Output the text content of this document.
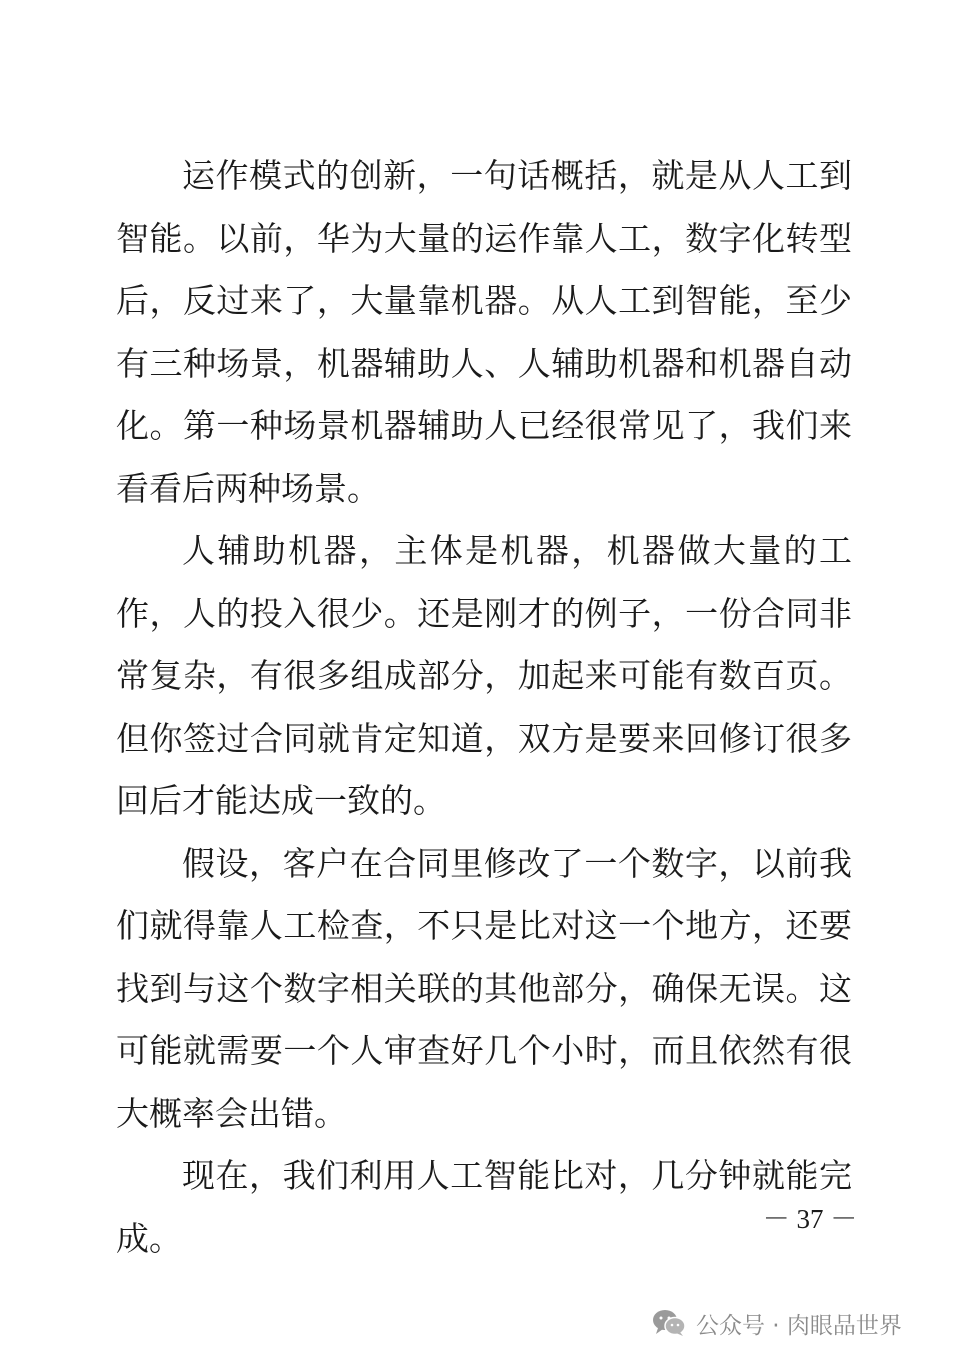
运作模式的创新，一句话概括，就是从人工到智能。以前，华为大量的运作靠人工，数字化转型后，反过来了，大量靠机器。从人工到智能，至少有三种场景，机器辅助人、人辅助机器和机器自动化。第一种场景机器辅助人已经很常见了，我们来看看后两种场景。

人辅助机器，主体是机器，机器做大量的工作，人的投入很少。还是刚才的例子，一份合同非常复杂，有很多组成部分，加起来可能有数百页。但你签过合同就肯定知道，双方是要来回修订很多回后才能达成一致的。

假设，客户在合同里修改了一个数字，以前我们就得靠人工检查，不只是比对这一个地方，还要找到与这个数字相关联的其他部分，确保无误。这可能就需要一个人审查好几个小时，而且依然有很大概率会出错。

现在，我们利用人工智能比对，几分钟就能完成。	－ 37 －
公众号 · 肉眼品世界
